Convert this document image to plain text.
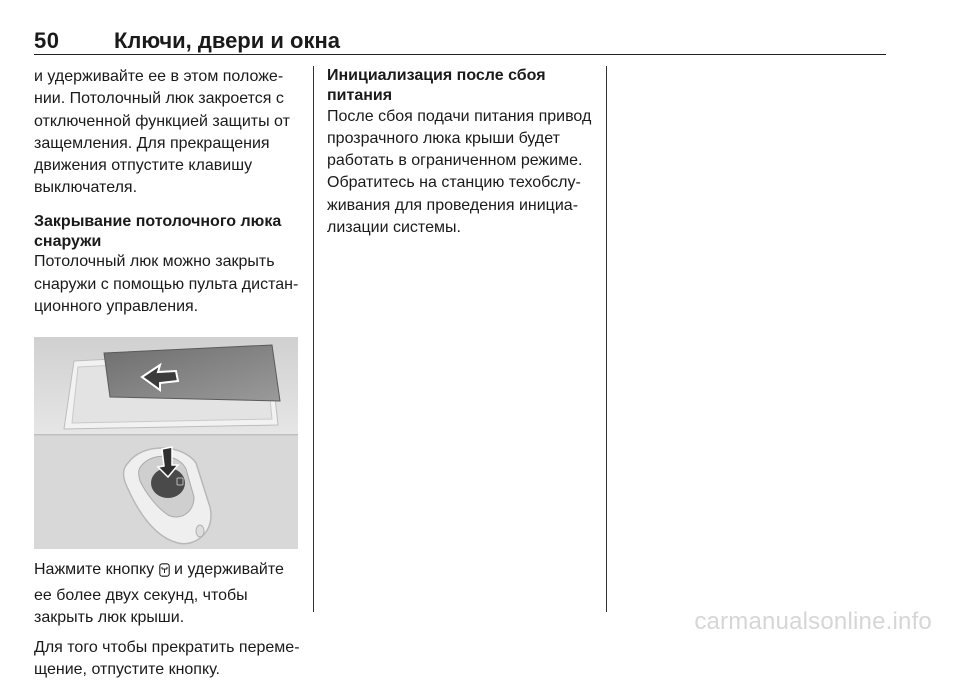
50 Ключи, двери и окна

и удерживайте ее в этом положении. Потолочный люк закроется с отключенной функцией защиты от защемления. Для прекращения движения отпустите клавишу выключателя.

Закрывание потолочного люка снаружи

Потолочный люк можно закрыть снаружи с помощью пульта дистанционного управления.

Нажмите кнопку  и удерживайте ее более двух секунд, чтобы закрыть люк крыши.

Для того чтобы прекратить перемещение, отпустите кнопку.

Инициализация после сбоя питания

После сбоя подачи питания привод прозрачного люка крыши будет работать в ограниченном режиме. Обратитесь на станцию техобслуживания для проведения инициализации системы.

carmanualsonline.info
